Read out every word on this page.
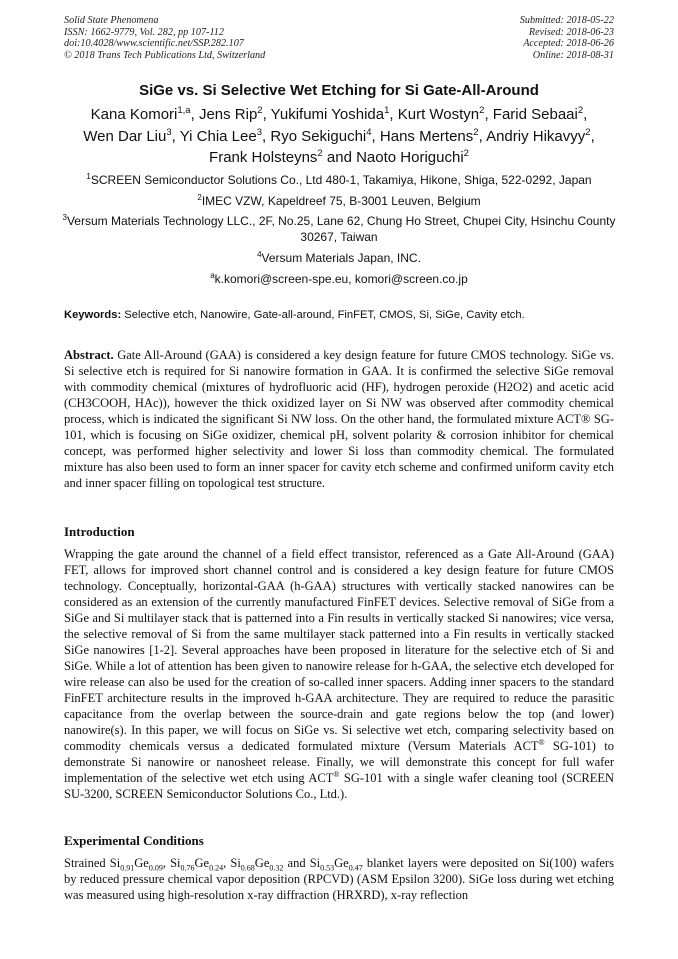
Solid State Phenomena
ISSN: 1662-9779, Vol. 282, pp 107-112
doi:10.4028/www.scientific.net/SSP.282.107
© 2018 Trans Tech Publications Ltd, Switzerland
Submitted: 2018-05-22
Revised: 2018-06-23
Accepted: 2018-06-26
Online: 2018-08-31
SiGe vs. Si Selective Wet Etching for Si Gate-All-Around
Kana Komori$^{1,a}$, Jens Rip$^2$, Yukifumi Yoshida$^1$, Kurt Wostyn$^2$, Farid Sebaai$^2$,
Wen Dar Liu$^3$, Yi Chia Lee$^3$, Ryo Sekiguchi$^4$, Hans Mertens$^2$, Andriy Hikavyy$^2$,
Frank Holsteyns$^2$ and Naoto Horiguchi$^2$
$^1$SCREEN Semiconductor Solutions Co., Ltd 480-1, Takamiya, Hikone, Shiga, 522-0292, Japan
$^2$IMEC VZW, Kapeldreef 75, B-3001 Leuven, Belgium
$^3$Versum Materials Technology LLC., 2F, No.25, Lane 62, Chung Ho Street, Chupei City, Hsinchu County 30267, Taiwan
$^4$Versum Materials Japan, INC.
$^a$k.komori@screen-spe.eu, komori@screen.co.jp
Keywords: Selective etch, Nanowire, Gate-all-around, FinFET, CMOS, Si, SiGe, Cavity etch.
Abstract. Gate All-Around (GAA) is considered a key design feature for future CMOS technology. SiGe vs. Si selective etch is required for Si nanowire formation in GAA. It is confirmed the selective SiGe removal with commodity chemical (mixtures of hydrofluoric acid (HF), hydrogen peroxide (H2O2) and acetic acid (CH3COOH, HAc)), however the thick oxidized layer on Si NW was observed after commodity chemical process, which is indicated the significant Si NW loss. On the other hand, the formulated mixture ACT® SG-101, which is focusing on SiGe oxidizer, chemical pH, solvent polarity & corrosion inhibitor for chemical concept, was performed higher selectivity and lower Si loss than commodity chemical. The formulated mixture has also been used to form an inner spacer for cavity etch scheme and confirmed uniform cavity etch and inner spacer filling on topological test structure.
Introduction
Wrapping the gate around the channel of a field effect transistor, referenced as a Gate All-Around (GAA) FET, allows for improved short channel control and is considered a key design feature for future CMOS technology. Conceptually, horizontal-GAA (h-GAA) structures with vertically stacked nanowires can be considered as an extension of the currently manufactured FinFET devices. Selective removal of SiGe from a SiGe and Si multilayer stack that is patterned into a Fin results in vertically stacked Si nanowires; vice versa, the selective removal of Si from the same multilayer stack patterned into a Fin results in vertically stacked SiGe nanowires [1-2]. Several approaches have been proposed in literature for the selective etch of Si and SiGe. While a lot of attention has been given to nanowire release for h-GAA, the selective etch developed for wire release can also be used for the creation of so-called inner spacers. Adding inner spacers to the standard FinFET architecture results in the improved h-GAA architecture. They are required to reduce the parasitic capacitance from the overlap between the source-drain and gate regions below the top (and lower) nanowire(s). In this paper, we will focus on SiGe vs. Si selective wet etch, comparing selectivity based on commodity chemicals versus a dedicated formulated mixture (Versum Materials ACT® SG-101) to demonstrate Si nanowire or nanosheet release. Finally, we will demonstrate this concept for full wafer implementation of the selective wet etch using ACT® SG-101 with a single wafer cleaning tool (SCREEN SU-3200, SCREEN Semiconductor Solutions Co., Ltd.).
Experimental Conditions
Strained $Si_{0.91}Ge_{0.09}$, $Si_{0.76}Ge_{0.24}$, $Si_{0.68}Ge_{0.32}$ and $Si_{0.53}Ge_{0.47}$ blanket layers were deposited on Si(100) wafers by reduced pressure chemical vapor deposition (RPCVD) (ASM Epsilon 3200). SiGe loss during wet etching was measured using high-resolution x-ray diffraction (HRXRD), x-ray reflection
